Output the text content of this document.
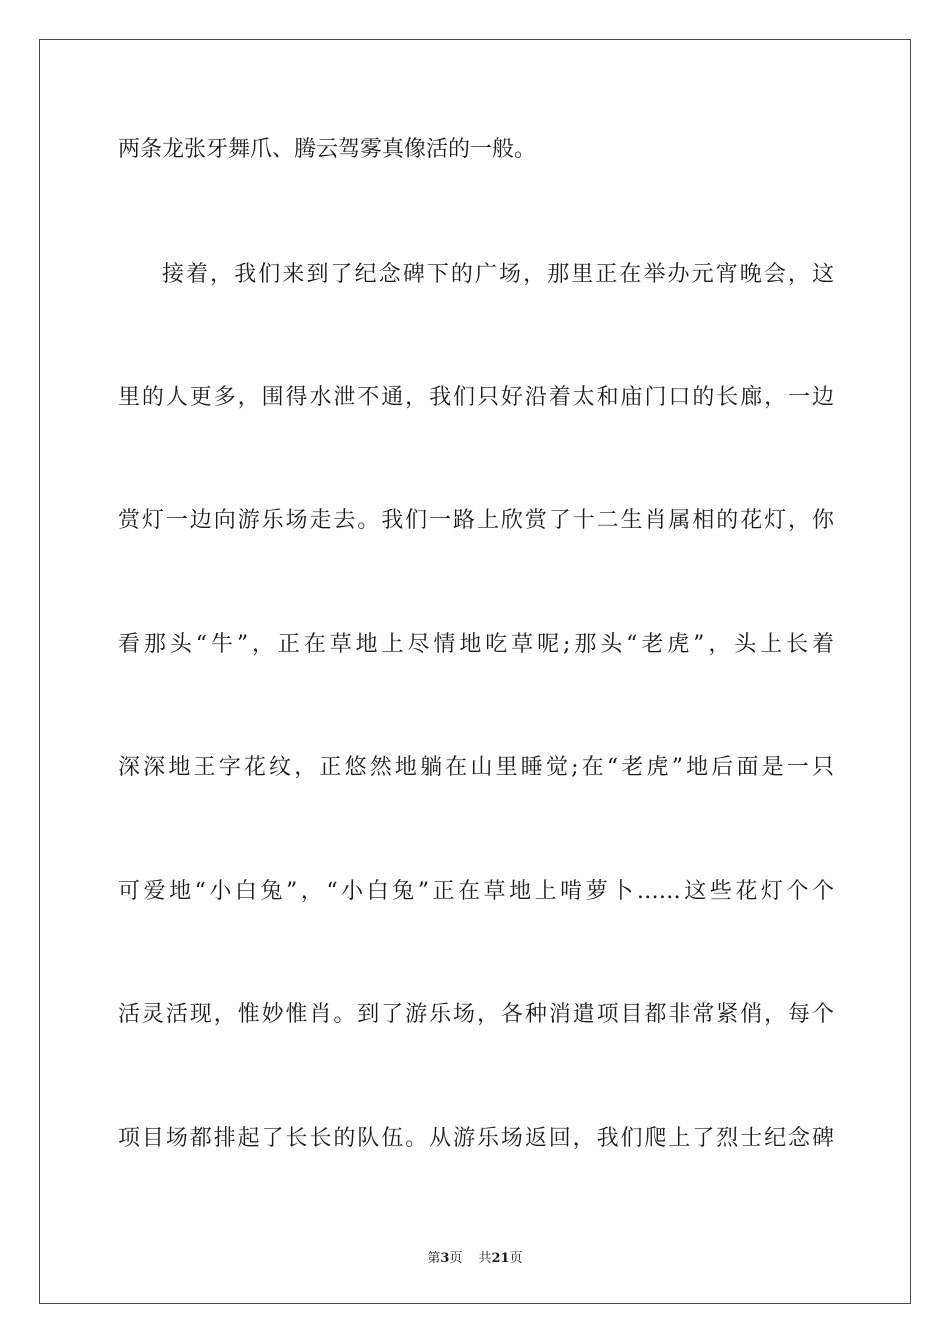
两条龙张牙舞爪、腾云驾雾真像活的一般。

接着，我们来到了纪念碑下的广场，那里正在举办元宵晚会，这

里的人更多，围得水泄不通，我们只好沿着太和庙门口的长廊，一边

赏灯一边向游乐场走去。我们一路上欣赏了十二生肖属相的花灯，你

看那头“牛”，正在草地上尽情地吃草呢;那头“老虎”，头上长着

深深地王字花纹，正悠然地躺在山里睡觉;在“老虎”地后面是一只

可爱地“小白兔”，“小白兔”正在草地上啃萝卜……这些花灯个个

活灵活现，惟妙惟肖。到了游乐场，各种消遣项目都非常紧俏，每个

项目场都排起了长长的队伍。从游乐场返回，我们爬上了烈士纪念碑

第3页 共21页
